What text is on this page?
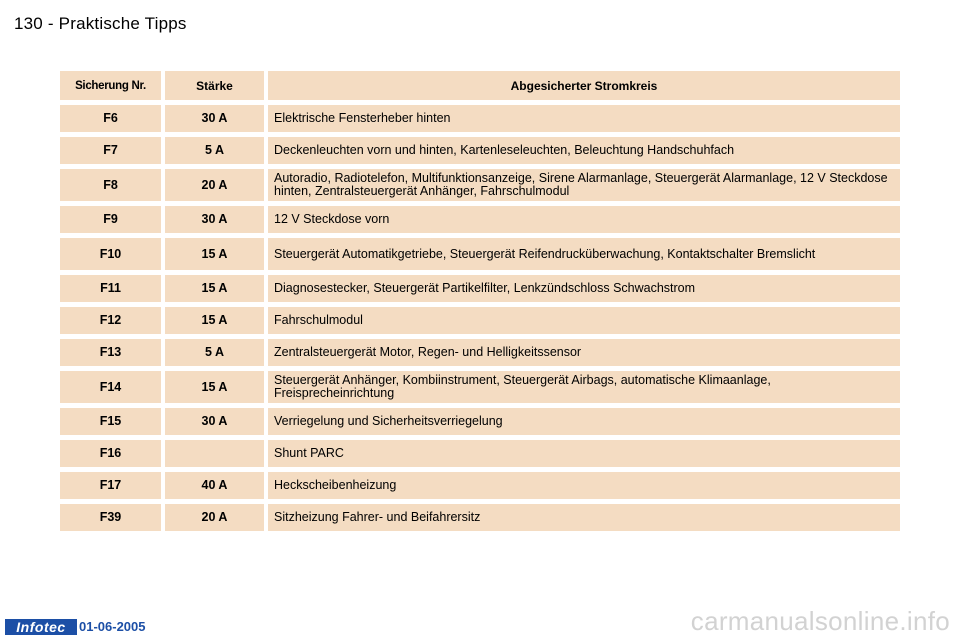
130 - Praktische Tipps
Sicherung Nr.	Stärke	Abgesicherter Stromkreis
F6	30 A	Elektrische Fensterheber hinten
F7	5 A	Deckenleuchten vorn und hinten, Kartenleseleuchten, Beleuchtung Handschuhfach
F8	20 A	Autoradio, Radiotelefon, Multifunktionsanzeige, Sirene Alarmanlage, Steuergerät Alarmanlage, 12 V Steckdose hinten, Zentralsteuergerät Anhänger, Fahrschulmodul
F9	30 A	12 V Steckdose vorn
F10	15 A	Steuergerät Automatikgetriebe, Steuergerät Reifendrucküberwachung, Kontaktschalter Bremslicht
F11	15 A	Diagnosestecker, Steuergerät Partikelfilter, Lenkzündschloss Schwachstrom
F12	15 A	Fahrschulmodul
F13	5 A	Zentralsteuergerät Motor, Regen- und Helligkeitssensor
F14	15 A	Steuergerät Anhänger, Kombiinstrument, Steuergerät Airbags, automatische Klimaanlage, Freisprecheinrichtung
F15	30 A	Verriegelung und Sicherheitsverriegelung
F16		Shunt PARC
F17	40 A	Heckscheibenheizung
F39	20 A	Sitzheizung Fahrer- und Beifahrersitz
Infotec	01-06-2005	carmanualsonline.info
